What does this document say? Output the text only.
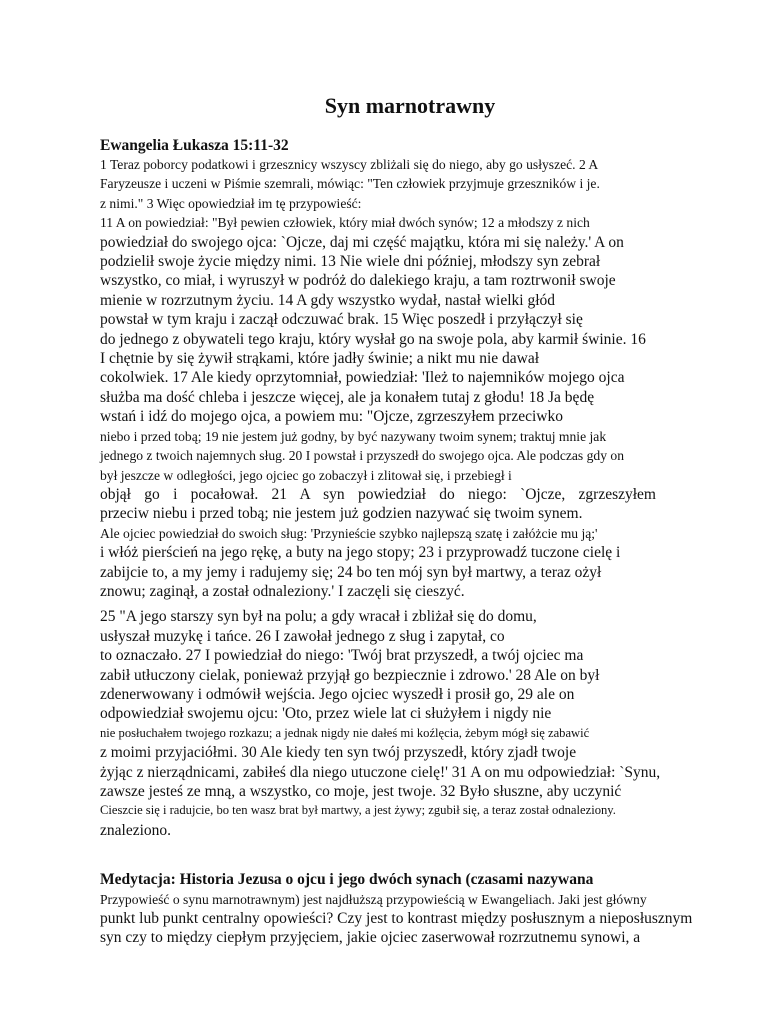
Syn marnotrawny
Ewangelia Łukasza 15:11-32
1 Teraz poborcy podatkowi i grzesznicy wszyscy zbliżali się do niego, aby go usłyszeć. 2 A
Faryzeusze i uczeni w Piśmie szemrali, mówiąc: "Ten człowiek przyjmuje grzeszników i je.
z nimi." 3 Więc opowiedział im tę przypowieść:
11 A on powiedział: "Był pewien człowiek, który miał dwóch synów; 12 a młodszy z nich
powiedział do swojego ojca: `Ojcze, daj mi część majątku, która mi się należy.' A on
podzielił swoje życie między nimi. 13 Nie wiele dni później, młodszy syn zebrał
wszystko, co miał, i wyruszył w podróż do dalekiego kraju, a tam roztrwonił swoje
mienie w rozrzutnym życiu. 14 A gdy wszystko wydał, nastał wielki głód
powstał w tym kraju i zaczął odczuwać brak. 15 Więc poszedł i przyłączył się
do jednego z obywateli tego kraju, który wysłał go na swoje pola, aby karmił świnie. 16
I chętnie by się żywił strąkami, które jadły świnie; a nikt mu nie dawał
cokolwiek. 17 Ale kiedy oprzytomniał, powiedział: 'Ileż to najemników mojego ojca
służba ma dość chleba i jeszcze więcej, ale ja konałem tutaj z głodu! 18 Ja będę
wstań i idź do mojego ojca, a powiem mu: "Ojcze, zgrzeszyłem przeciwko
niebo i przed tobą; 19 nie jestem już godny, by być nazywany twoim synem; traktuj mnie jak
jednego z twoich najemnych sług. 20 I powstał i przyszedł do swojego ojca. Ale podczas gdy on
był jeszcze w odległości, jego ojciec go zobaczył i zlitował się, i przebiegł i
objął go i pocałował. 21 A syn powiedział do niego: `Ojcze, zgrzeszyłem
przeciw niebu i przed tobą; nie jestem już godzien nazywać się twoim synem.
Ale ojciec powiedział do swoich sług: 'Przynieście szybko najlepszą szatę i załóżcie mu ją;'
i włóż pierścień na jego rękę, a buty na jego stopy; 23 i przyprowadź tuczone cielę i
zabijcie to, a my jemy i radujemy się; 24 bo ten mój syn był martwy, a teraz ożył
znowu; zaginął, a został odnaleziony.' I zaczęli się cieszyć.
25 "A jego starszy syn był na polu; a gdy wracał i zbliżał się do domu,
usłyszał muzykę i tańce. 26 I zawołał jednego z sług i zapytał, co
to oznaczało. 27 I powiedział do niego: 'Twój brat przyszedł, a twój ojciec ma
zabił utłuczony cielak, ponieważ przyjął go bezpiecznie i zdrowo.' 28 Ale on był
zdenerwowany i odmówił wejścia. Jego ojciec wyszedł i prosił go, 29 ale on
odpowiedział swojemu ojcu: 'Oto, przez wiele lat ci służyłem i nigdy nie
nie posłuchałem twojego rozkazu; a jednak nigdy nie dałeś mi koźlęcia, żebym mógł się zabawić
z moimi przyjaciółmi. 30 Ale kiedy ten syn twój przyszedł, który zjadł twoje
żyjąc z nierządnicami, zabiłeś dla niego utuczone cielę!' 31 A on mu odpowiedział: `Synu,
zawsze jesteś ze mną, a wszystko, co moje, jest twoje. 32 Było słuszne, aby uczynić
Cieszcie się i radujcie, bo ten wasz brat był martwy, a jest żywy; zgubił się, a teraz został odnaleziony.
znaleziono.
Medytacja: Historia Jezusa o ojcu i jego dwóch synach (czasami nazywana
Przypowieść o synu marnotrawnym) jest najdłuższą przypowieścią w Ewangeliach. Jaki jest główny
punkt lub punkt centralny opowieści? Czy jest to kontrast między posłusznym a nieposłusznym
syn czy to między ciepłym przyjęciem, jakie ojciec zaserwował rozrzutnemu synowi, a
